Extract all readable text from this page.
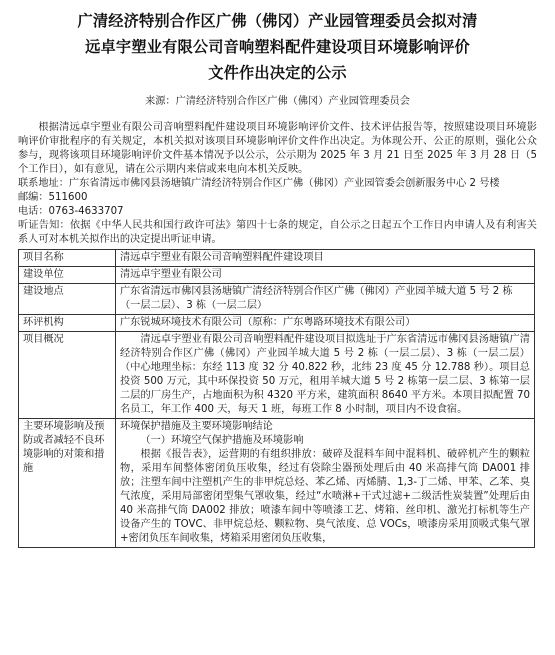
广清经济特别合作区广佛（佛冈）产业园管理委员会拟对清
远卓宇塑业有限公司音响塑料配件建设项目环境影响评价
文件作出决定的公示
来源：广清经济特别合作区广佛（佛冈）产业园管理委员会

根据清远卓宇塑业有限公司音响塑料配件建设项目环境影响评价文件、技术评估报告等，按照建设项目环境影响评价审批程序的有关规定，本机关拟对该项目环境影响评价文件作出决定。为体现公开、公正的原则，强化公众参与，现将该项目环境影响评价文件基本情况予以公示，公示期为 2025 年 3 月 21 日至 2025 年 3 月 28 日（5 个工作日），如有意见，请在公示期内来信或来电向本机关反映。

联系地址：广东省清远市佛冈县汤塘镇广清经济特别合作区广佛（佛冈）产业园管委会创新服务中心 2 号楼

邮编：511600

电话：0763-4633707

听证告知：依据《中华人民共和国行政许可法》第四十七条的规定，自公示之日起五个工作日内申请人及有利害关系人可对本机关拟作出的决定提出听证申请。

项目名称	清远卓宇塑业有限公司音响塑料配件建设项目
建设单位	清远卓宇塑业有限公司
建设地点	广东省清远市佛冈县汤塘镇广清经济特别合作区广佛（佛冈）产业园羊城大道 5 号 2 栋（一层二层）、3 栋（一层二层）
环评机构	广东锐城环境技术有限公司（原称：广东粤路环境技术有限公司）
项目概况	清远卓宇塑业有限公司音响塑料配件建设项目拟选址于广东省清远市佛冈县汤塘镇广清经济特别合作区广佛（佛冈）产业园羊城大道 5 号 2 栋（一层二层）、3 栋（一层二层）（中心地理坐标：东经 113 度 32 分 40.822 秒，北纬 23 度 45 分 12.788 秒）。项目总投资 500 万元，其中环保投资 50 万元，租用羊城大道 5 号 2 栋第一层二层、3 栋第一层二层的厂房生产，占地面积为积 4320 平方米，建筑面积 8640 平方米。本项目拟配置 70 名员工，年工作 400 天，每天 1 班，每班工作 8 小时制，项目内不设食宿。

主要环境影响及预防或者减轻不良环境影响的对策和措施	环境保护措施及主要环境影响结论

（一）环境空气保护措施及环境影响

根据《报告表》，运营期的有组织排放：破碎及混料车间中混料机、破碎机产生的颗粒物，采用车间整体密闭负压收集，经过有袋除尘器预处理后由 40 米高排气筒 DA001 排放；注塑车间中注塑机产生的非甲烷总烃、苯乙烯、丙烯腈、1,3-丁二烯、甲苯、乙苯、臭气浓度，采用局部密闭型集气罩收集，经过“水喷淋+干式过滤+二级活性炭装置”处理后由 40 米高排气筒 DA002 排放；喷漆车间中等喷漆工艺、烤箱、丝印机、激光打标机等生产设备产生的 TOVC、非甲烷总烃、颗粒物、臭气浓度、总 VOCs，喷漆房采用顶吸式集气罩+密闭负压车间收集，烤箱采用密闭负压收集，
